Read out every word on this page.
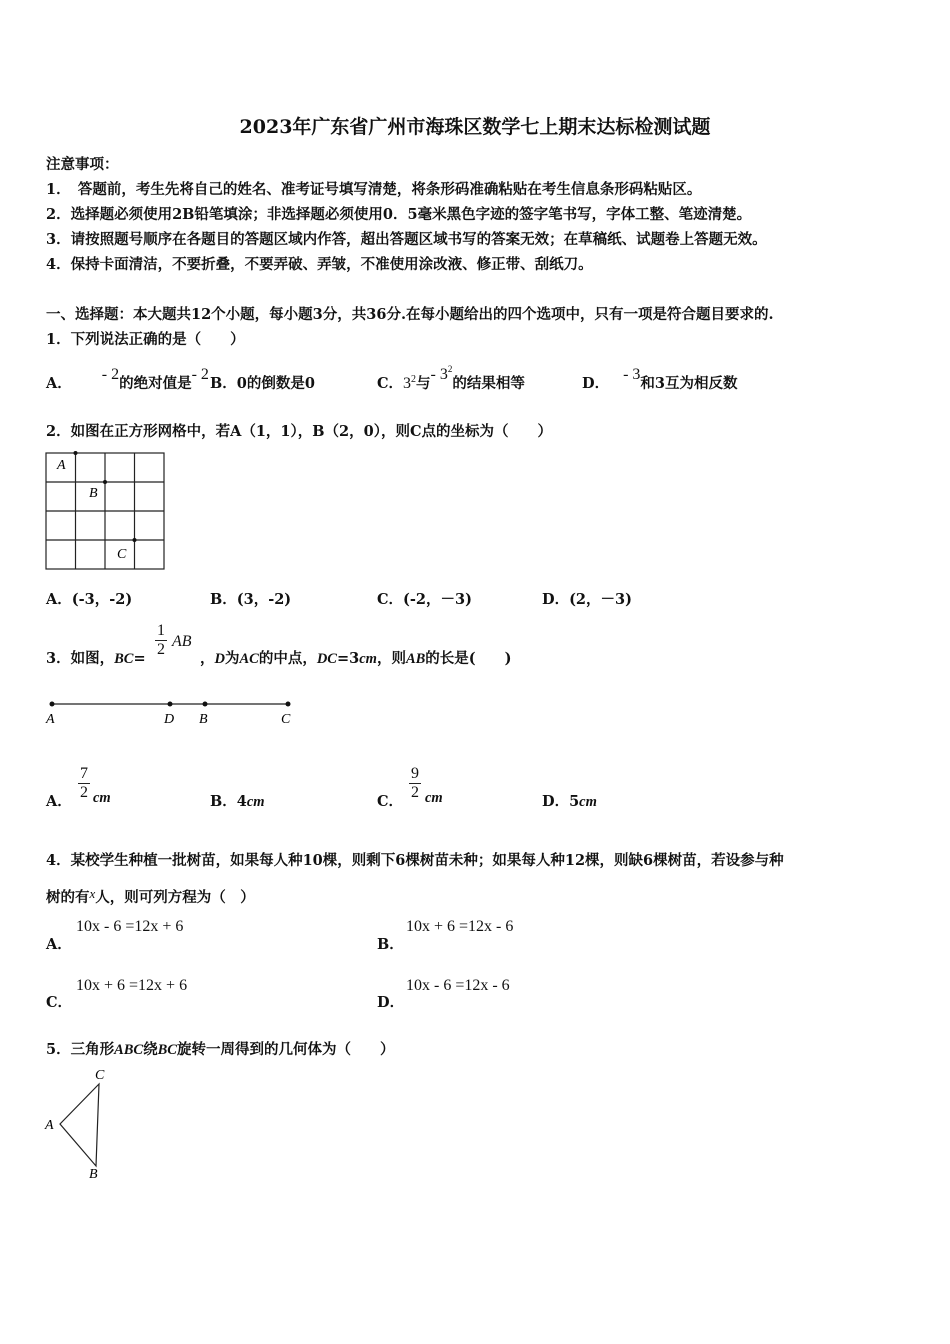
2023年广东省广州市海珠区数学七上期末达标检测试题
注意事项：
1．　答题前，考生先将自己的姓名、准考证号填写清楚，将条形码准确粘贴在考生信息条形码粘贴区。
2．选择题必须使用2B铅笔填涂；非选择题必须使用0．5毫米黑色字迹的签字笔书写，字体工整、笔迹清楚。
3．请按照题号顺序在各题目的答题区域内作答，超出答题区域书写的答案无效；在草稿纸、试题卷上答题无效。
4．保持卡面清洁，不要折叠，不要弄破、弄皱，不准使用涂改液、修正带、刮纸刀。
一、选择题：本大题共12个小题，每小题3分，共36分.在每小题给出的四个选项中，只有一项是符合题目要求的.
1．下列说法正确的是（　　）
A．- 2的绝对值是- 2
B．0的倒数是0	C．$3^2$与- $3^2$的结果相等	D．- 3和3互为相反数
2．如图在正方形网格中，若A（1，1），B（2，0），则C点的坐标为（　　）
A
B
C
A．(-3，-2)	B．(3，-2)	C．(-2，－3)	D．(2，－3)
3．如图，BC=
1
2 AB
，D为AC的中点，DC=3cm，则AB的长是(　　)
A	D B	C
A．
7
2 cm	B．4cm	C．
9
2 cm	D．5cm
4．某校学生种植一批树苗，如果每人种10棵，则剩下6棵树苗未种；如果每人种12棵，则缺6棵树苗，若设参与种
树的有x人，则可列方程为（　）
A．
10x - 6 =12x + 6
B．
10x + 6 =12x - 6
C．
10x + 6 =12x + 6
D．
10x - 6 =12x - 6
5．三角形ABC绕BC旋转一周得到的几何体为（　　）
C
A
B
